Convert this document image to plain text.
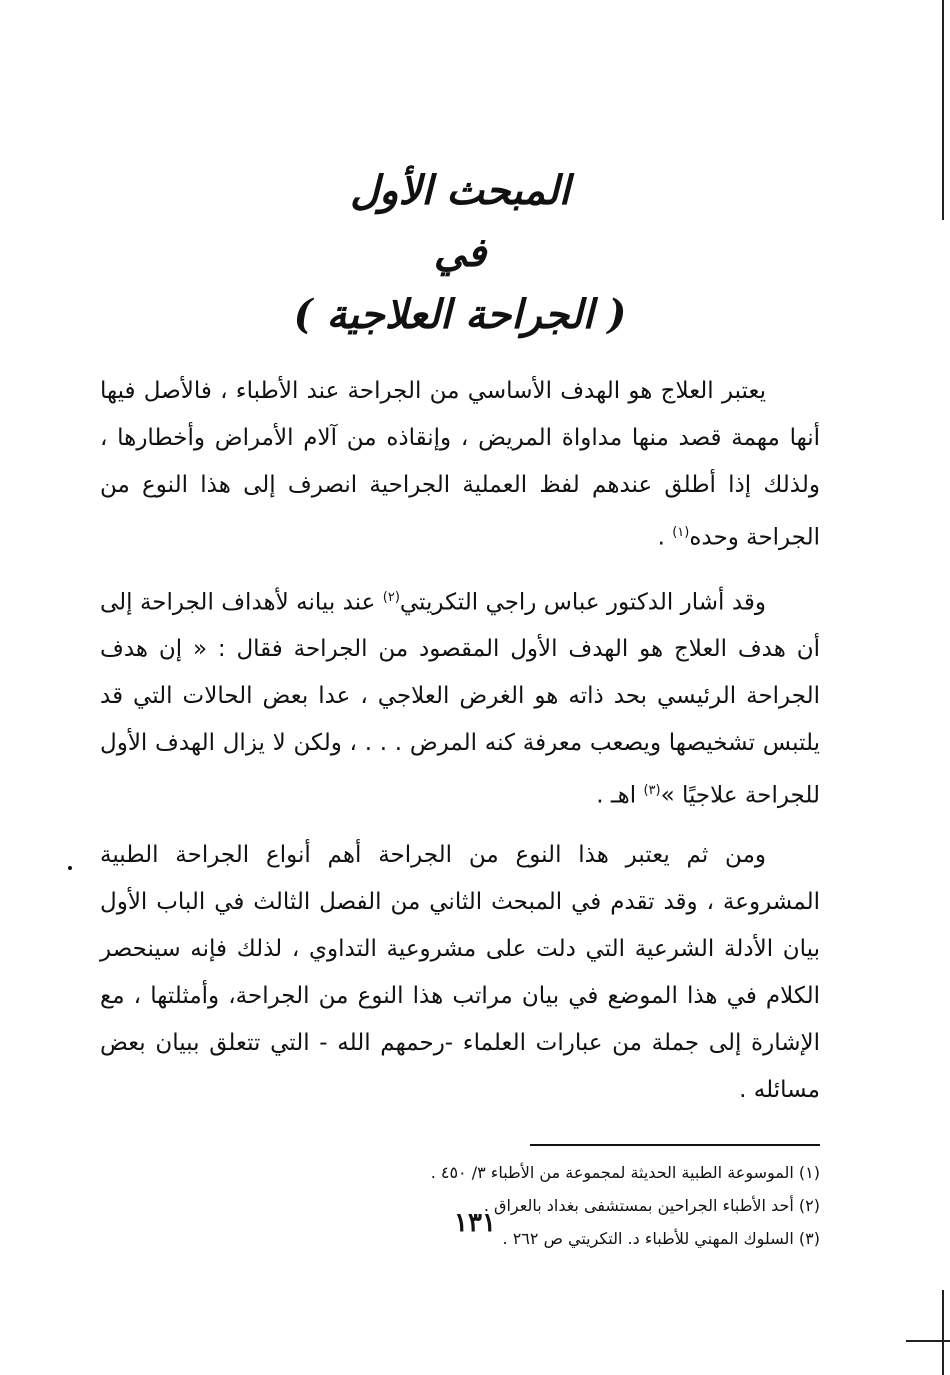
المبحث الأول

في

( الجراحة العلاجية )

يعتبر العلاج هو الهدف الأساسي من الجراحة عند الأطباء ، فالأصل فيها أنها مهمة قصد منها مداواة المريض ، وإنقاذه من آلام الأمراض وأخطارها ، ولذلك إذا أطلق عندهم لفظ العملية الجراحية انصرف إلى هذا النوع من الجراحة وحده$^{(١)}$ .

وقد أشار الدكتور عباس راجي التكريتي$^{(٢)}$ عند بيانه لأهداف الجراحة إلى أن هدف العلاج هو الهدف الأول المقصود من الجراحة فقال : « إن هدف الجراحة الرئيسي بحد ذاته هو الغرض العلاجي ، عدا بعض الحالات التي قد يلتبس تشخيصها ويصعب معرفة كنه المرض . . . ، ولكن لا يزال الهدف الأول للجراحة علاجيًا »$^{(٣)}$ اهـ .

ومن ثم يعتبر هذا النوع من الجراحة أهم أنواع الجراحة الطبية المشروعة ، وقد تقدم في المبحث الثاني من الفصل الثالث في الباب الأول بيان الأدلة الشرعية التي دلت على مشروعية التداوي ، لذلك فإنه سينحصر الكلام في هذا الموضع في بيان مراتب هذا النوع من الجراحة، وأمثلتها ، مع الإشارة إلى جملة من عبارات العلماء -رحمهم الله - التي تتعلق ببيان بعض مسائله .

(١) الموسوعة الطبية الحديثة لمجموعة من الأطباء ٣/ ٤٥٠ .

(٢) أحد الأطباء الجراحين بمستشفى بغداد بالعراق .

(٣) السلوك المهني للأطباء د. التكريتي ص ٢٦٢ .

١٣١
